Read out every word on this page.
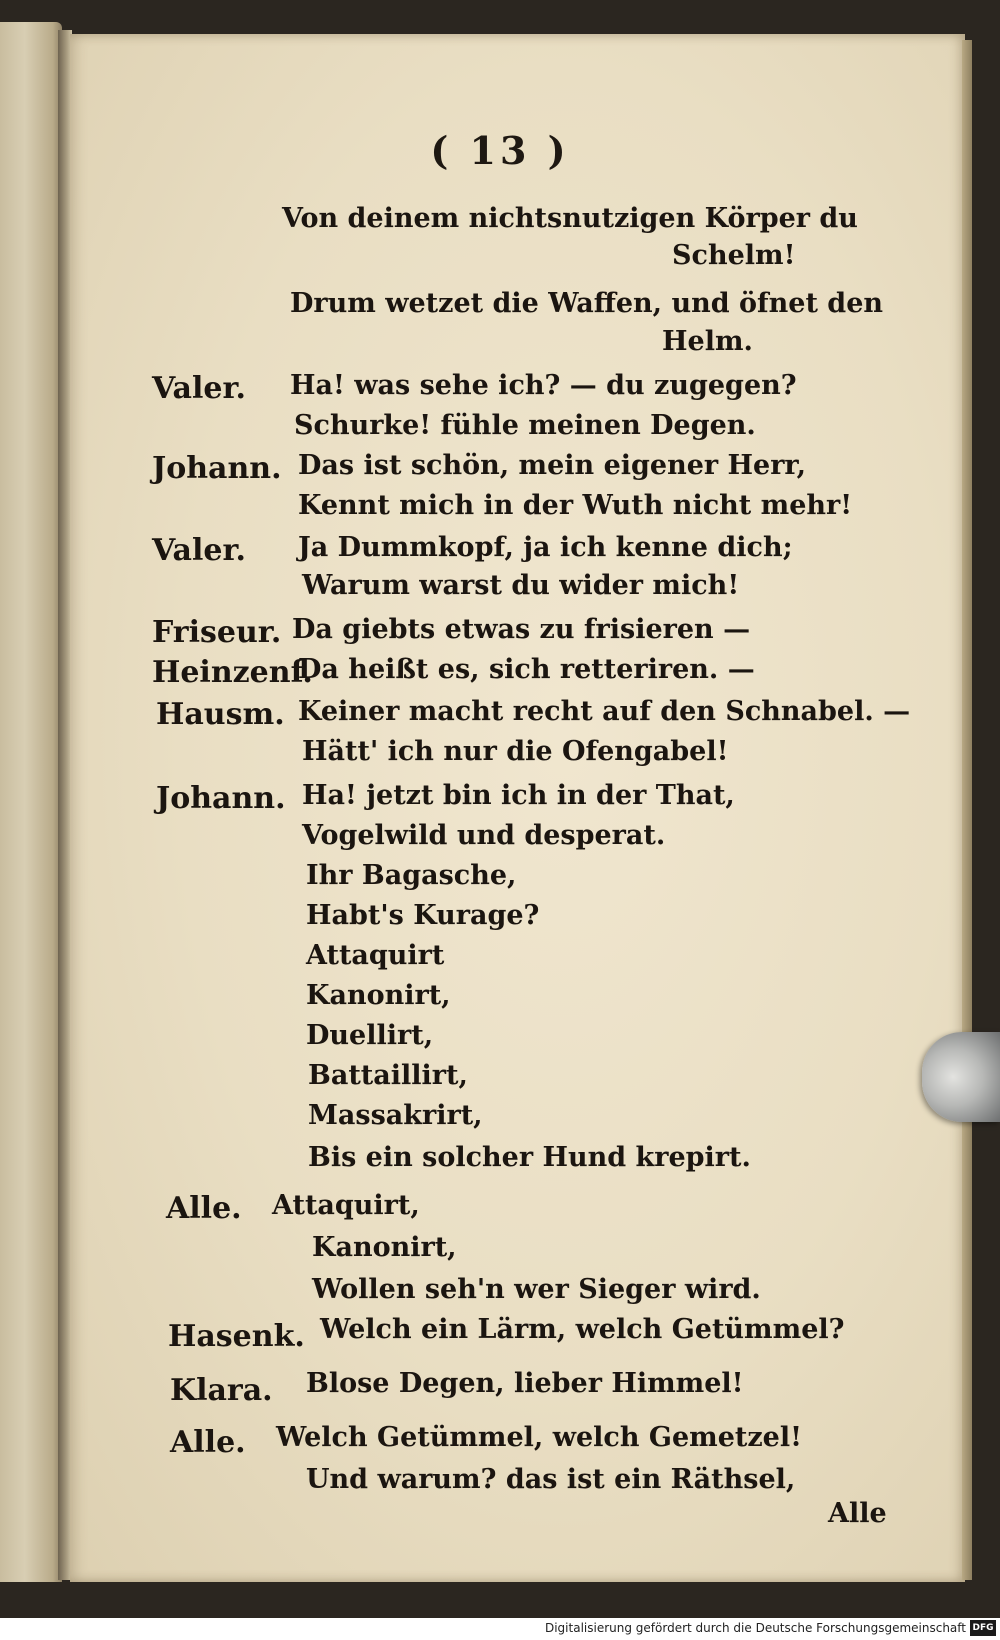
( 13 )
Von deinem nichtsnutzigen Körper du
Schelm!
Drum wetzet die Waffen, und öfnet den
Helm.
Valer. Ha! was sehe ich? — du zugegen?
Schurke! fühle meinen Degen.
Johann. Das ist schön, mein eigener Herr,
Kennt mich in der Wuth nicht mehr!
Valer. Ja Dummkopf, ja ich kenne dich;
Warum warst du wider mich!
Friseur. Da giebts etwas zu frisieren —
Heinzenf.
Da heißt es, sich retteriren. —
Hausm. Keiner macht recht auf den Schnabel. —
Hätt' ich nur die Ofengabel!
Johann. Ha! jetzt bin ich in der That,
Vogelwild und desperat.
Ihr Bagasche,
Habt's Kurage?
Attaquirt
Kanonirt,
Duellirt,
Battaillirt,
Massakrirt,
Bis ein solcher Hund krepirt.
Alle. Attaquirt,
Kanonirt,
Wollen seh'n wer Sieger wird.
Hasenk. Welch ein Lärm, welch Getümmel?
Klara. Blose Degen, lieber Himmel!
Alle. Welch Getümmel, welch Gemetzel!
Und warum? das ist ein Räthsel,
Alle
Digitalisierung gefördert durch die Deutsche Forschungsgemeinschaft DFG
